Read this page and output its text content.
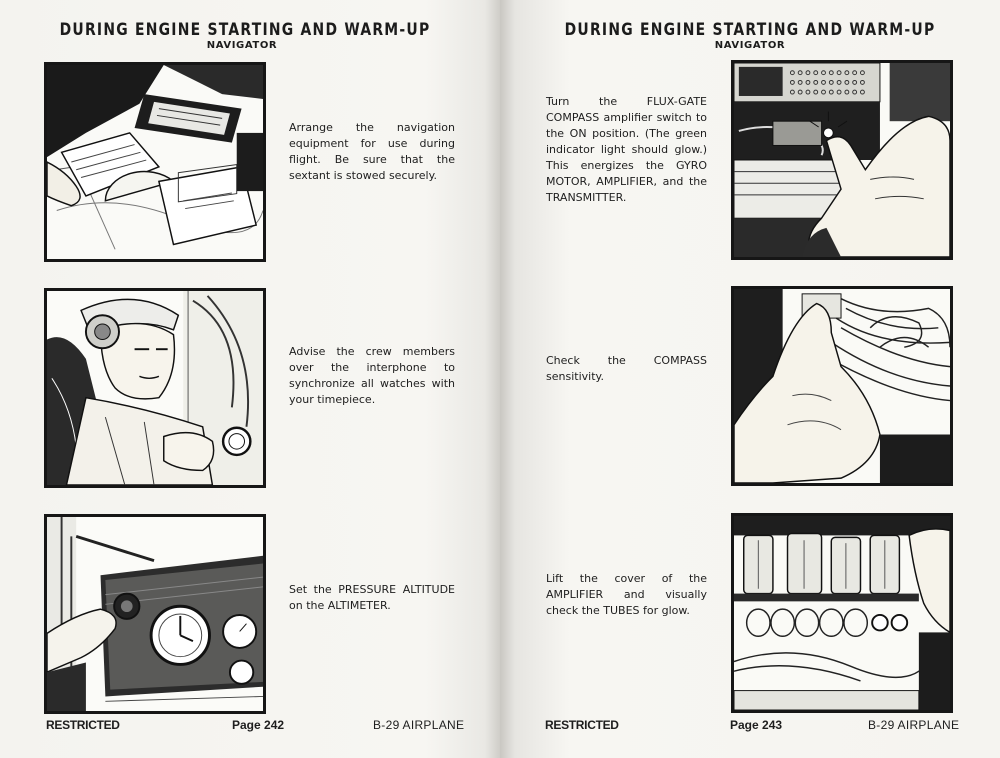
DURING ENGINE STARTING AND WARM-UP
NAVIGATOR
Arrange the navigation equipment for use during flight. Be sure that the sextant is stowed securely.
Advise the crew members over the interphone to synchronize all watches with your timepiece.
Set the PRESSURE ALTITUDE on the ALTIMETER.
RESTRICTED	Page 242	B-29 AIRPLANE
DURING ENGINE STARTING AND WARM-UP
NAVIGATOR
Turn the FLUX-GATE COMPASS amplifier switch to the ON position. (The green indicator light should glow.) This energizes the GYRO MOTOR, AMPLIFIER, and the TRANSMITTER.
Check the COMPASS sensitivity.
Lift the cover of the AMPLIFIER and visually check the TUBES for glow.
RESTRICTED	Page 243	B-29 AIRPLANE
